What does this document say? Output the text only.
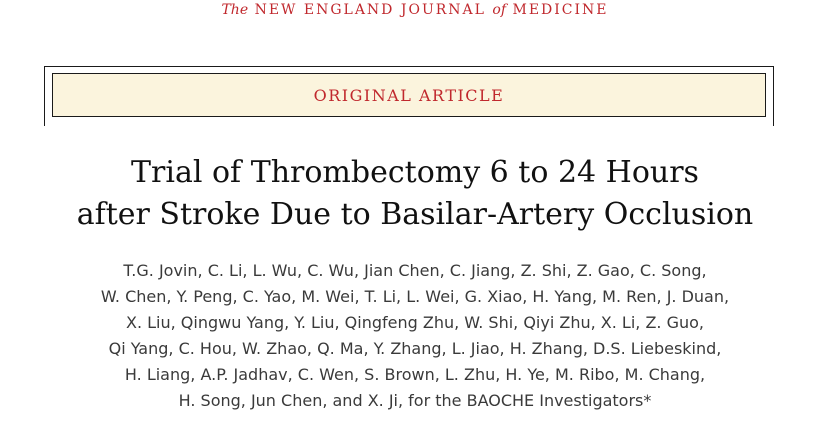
The NEW ENGLAND JOURNAL of MEDICINE
ORIGINAL ARTICLE
Trial of Thrombectomy 6 to 24 Hours
after Stroke Due to Basilar-Artery Occlusion
T.G. Jovin, C. Li, L. Wu, C. Wu, Jian Chen, C. Jiang, Z. Shi, Z. Gao, C. Song,
W. Chen, Y. Peng, C. Yao, M. Wei, T. Li, L. Wei, G. Xiao, H. Yang, M. Ren, J. Duan,
X. Liu, Qingwu Yang, Y. Liu, Qingfeng Zhu, W. Shi, Qiyi Zhu, X. Li, Z. Guo,
Qi Yang, C. Hou, W. Zhao, Q. Ma, Y. Zhang, L. Jiao, H. Zhang, D.S. Liebeskind,
H. Liang, A.P. Jadhav, C. Wen, S. Brown, L. Zhu, H. Ye, M. Ribo, M. Chang,
H. Song, Jun Chen, and X. Ji, for the BAOCHE Investigators*
